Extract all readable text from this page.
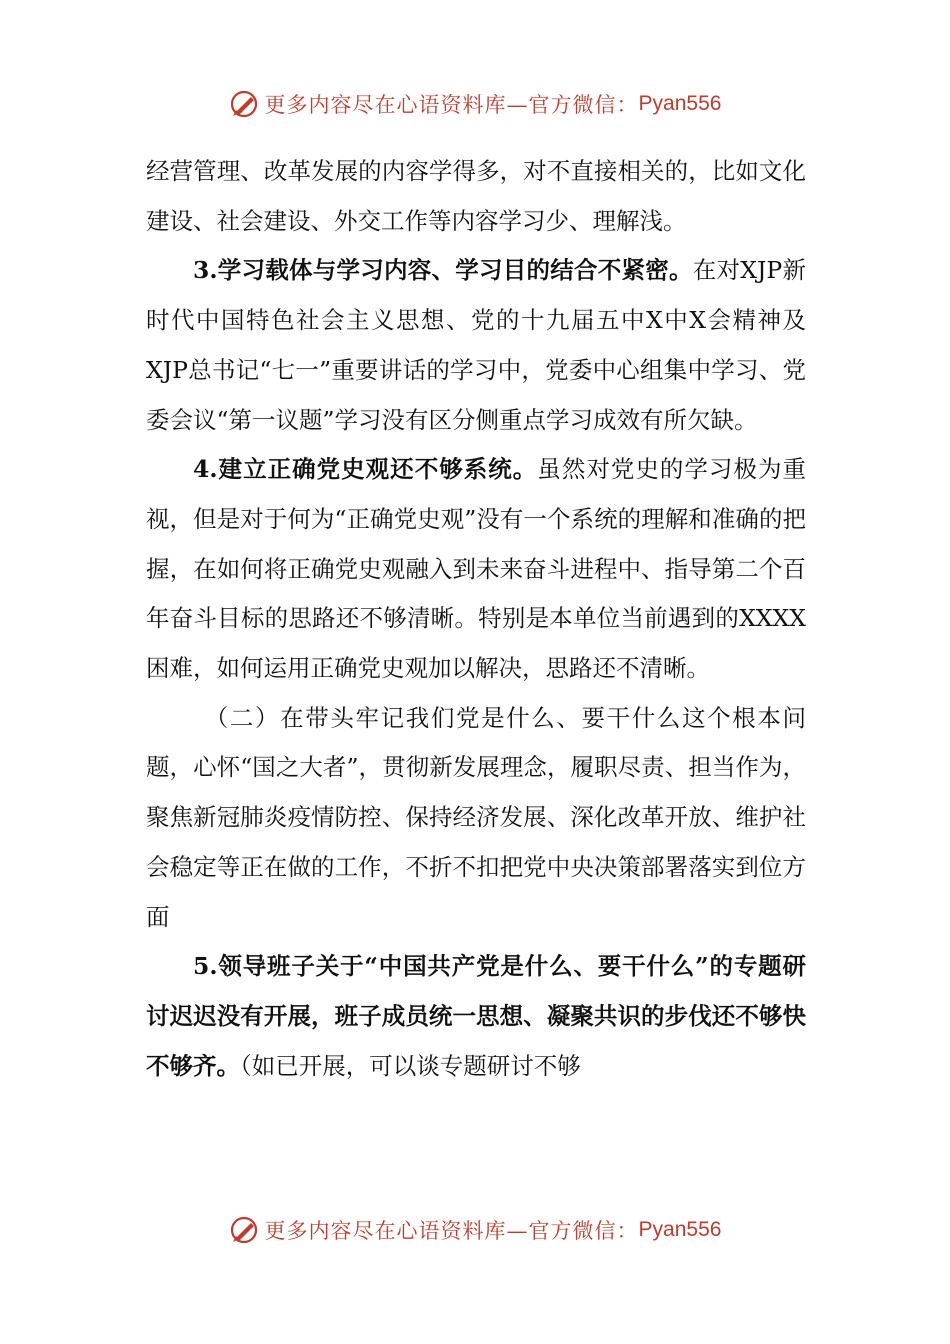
更多内容尽在心语资料库—官方微信： Pyan556

经营管理、改革发展的内容学得多，对不直接相关的，比如文化建设、社会建设、外交工作等内容学习少、理解浅。

3.学习载体与学习内容、学习目的结合不紧密。在对XJP新时代中国特色社会主义思想、党的十九届五中X中X会精神及XJP总书记“七一”重要讲话的学习中，党委中心组集中学习、党委会议“第一议题”学习没有区分侧重点学习成效有所欠缺。

4.建立正确党史观还不够系统。虽然对党史的学习极为重视，但是对于何为“正确党史观”没有一个系统的理解和准确的把握，在如何将正确党史观融入到未来奋斗进程中、指导第二个百年奋斗目标的思路还不够清晰。特别是本单位当前遇到的XXXX困难，如何运用正确党史观加以解决，思路还不清晰。

（二）在带头牢记我们党是什么、要干什么这个根本问题，心怀“国之大者”，贯彻新发展理念，履职尽责、担当作为，聚焦新冠肺炎疫情防控、保持经济发展、深化改革开放、维护社会稳定等正在做的工作，不折不扣把党中央决策部署落实到位方面

5.领导班子关于“中国共产党是什么、要干什么”的专题研讨迟迟没有开展，班子成员统一思想、凝聚共识的步伐还不够快不够齐。（如已开展，可以谈专题研讨不够

更多内容尽在心语资料库—官方微信： Pyan556
